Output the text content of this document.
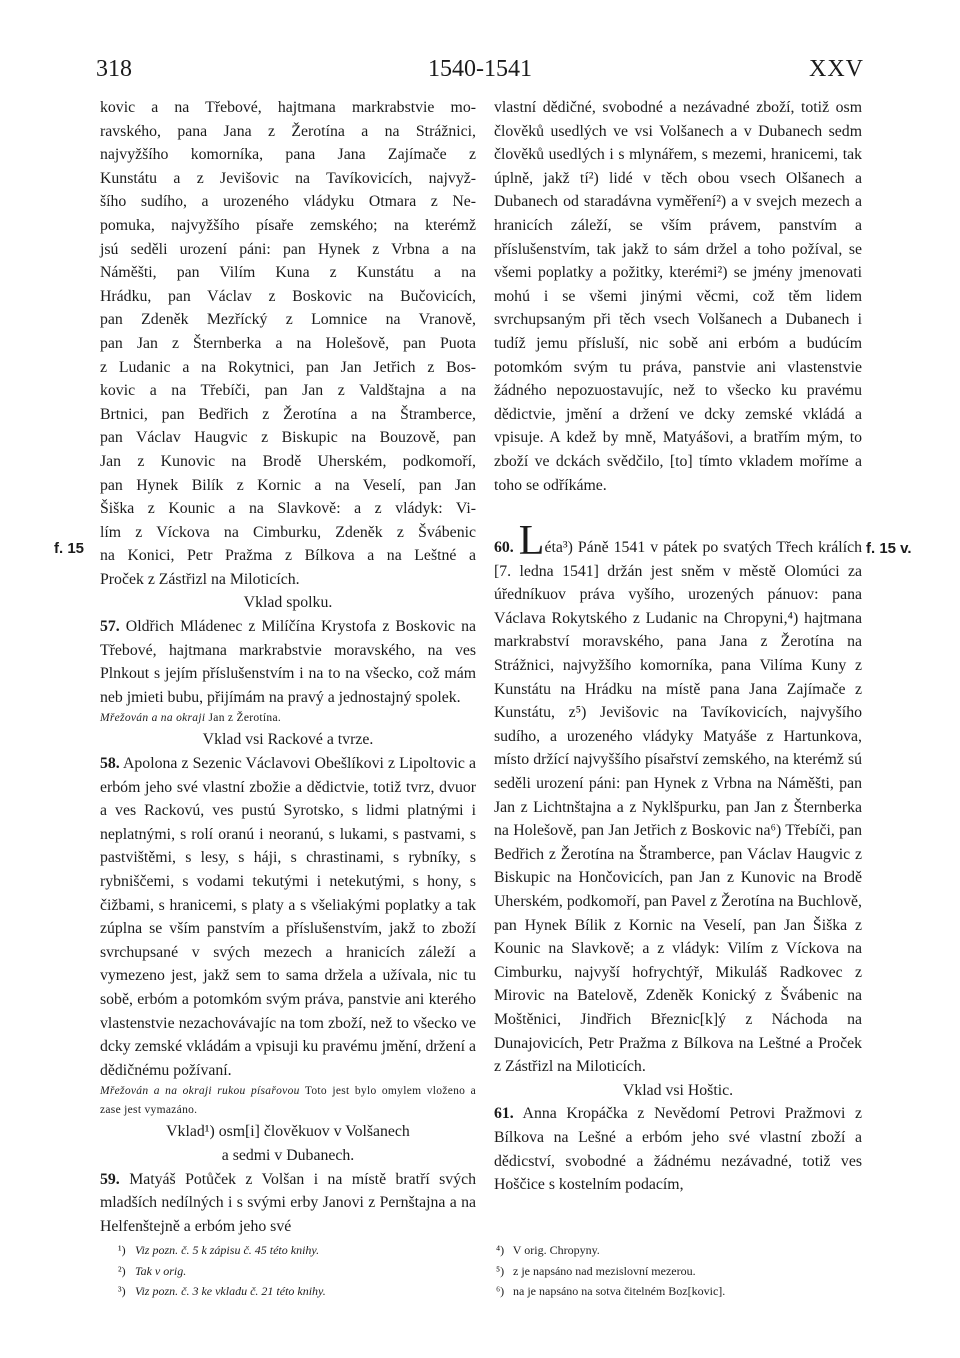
318	1540-1541	XXV
f. 15	f. 15 v.
kovic a na Třebové, hajtmana markrabstvie mo-
ravského, pana Jana z Žerotína a na Strážnici,
najvyžšího komorníka, pana Jana Zajímače z
Kunstátu a z Jevišovic na Tavíkovicích, najvyž-
šího sudího, a urozeného vládyku Otmara z Ne-
pomuka, najvyžšího písaře zemského; na kterémž
jsú seděli urození páni: pan Hynek z Vrbna a na
Náměšti, pan Vilím Kuna z Kunstátu a na
Hrádku, pan Václav z Boskovic na Bučovicích,
pan Zdeněk Mezřícký z Lomnice na Vranově,
pan Jan z Šternberka a na Holešově, pan Puota
z Ludanic a na Rokytnici, pan Jan Jetřich z Bos-
kovic a na Třebíči, pan Jan z Valdštajna a na
Brtnici, pan Bedřich z Žerotína a na Štramberce,
pan Václav Haugvic z Biskupic na Bouzově, pan
Jan z Kunovic na Brodě Uherském, podkomoří,
pan Hynek Bilík z Kornic a na Veselí, pan Jan
Šiška z Kounic a na Slavkově: a z vládyk: Vi-
lím z Víckova na Cimburku, Zdeněk z Švábenic
na Konici, Petr Pražma z Bílkova a na Leštné a
Proček z Zástřizl na Miloticích.

Vklad spolku.

57. Oldřich Mládenec z Milíčína Krystofa z Boskovic na Třebové, hajtmana markrabstvie moravského, na ves Plnkout s jejím příslušenstvím i na to na všecko, což mám neb jmieti bubu, přijímám na pravý a jednostajný spolek.

Mřežován a na okraji Jan z Žerotína.

Vklad vsi Rackové a tvrze.

58. Apolona z Sezenic Václavovi Obešlíkovi z Lipoltovic a erbóm jeho své vlastní zbožie a dědictvie, totiž tvrz, dvuor a ves Rackovú, ves pustú Syrotsko, s lidmi platnými i neplatnými, s rolí oranú i neoranú, s lukami, s pastvami, s pastvištěmi, s lesy, s háji, s chrastinami, s rybníky, s rybniščemi, s vodami tekutými i netekutými, s hony, s čižbami, s hranicemi, s platy a s všeliakými poplatky a tak zúplna se vším panstvím a příslušenstvím, jakž to zboží svrchupsané v svých mezech a hranicích záleží a vymezeno jest, jakž sem to sama držela a užívala, nic tu sobě, erbóm a potomkóm svým práva, panstvie ani kterého vlastenstvie nezachovávajíc na tom zboží, než to všecko ve dcky zemské vkládám a vpisuji ku pravému jmění, držení a dědičnému požívaní.

Mřežován a na okraji rukou písařovou Toto jest bylo omylem vloženo a zase jest vymazáno.

Vklad¹) osm[i] člověkuov v Volšanech

a sedmi v Dubanech.

59. Matyáš Potůček z Volšan i na místě bratří svých mladších nedílných i s svými erby Janovi z Pernštajna a na Helfenštejně a erbóm jeho své

vlastní dědičné, svobodné a nezávadné zboží, totiž osm člověků usedlých ve vsi Volšanech a v Dubanech sedm člověků usedlých i s mlynářem, s mezemi, hranicemi, tak úplně, jakž tí²) lidé v těch obou vsech Olšanech a Dubanech od staradávna vyměření²) a v svejch mezech a hranicích záleží, se vším právem, panstvím a příslušenstvím, tak jakž to sám držel a toho požíval, se všemi poplatky a požitky, kterémi²) se jmény jmenovati mohú i se všemi jinými věcmi, což těm lidem svrchupsaným při těch vsech Volšanech a Dubanech i tudíž jemu přísluší, nic sobě ani erbóm a budúcím potomkóm svým tu práva, panstvie ani vlastenstvie žádného nepozuostavujíc, než to všecko ku pravému dědictvie, jmění a držení ve dcky zemské vkládá a vpisuje. A kdež by mně, Matyášovi, a bratřím mým, to zboží ve dckách svědčilo, [to] tímto vkladem moříme a toho se odříkáme.

60. Léta³) Páně 1541 v pátek po svatých Třech králích [7. ledna 1541] držán jest sněm v městě Olomúci za úředníkuov práva vyšího, urozených pánuov: pana Václava Rokytského z Ludanic na Chropyni,⁴) hajtmana markrabství moravského, pana Jana z Žerotína na Strážnici, najvyžšího komorníka, pana Vilíma Kuny z Kunstátu na Hrádku na místě pana Jana Zajímače z Kunstátu, z⁵) Jevišovic na Tavíkovicích, najvyšího sudího, a urozeného vládyky Matyáše z Hartunkova, místo držící najvyššího písařství zemského, na kterémž sú seděli urození páni: pan Hynek z Vrbna na Náměšti, pan Jan z Lichtnštajna a z Nyklšpurku, pan Jan z Šternberka na Holešově, pan Jan Jetřich z Boskovic na⁶) Třebíči, pan Bedřich z Žerotína na Štramberce, pan Václav Haugvic z Biskupic na Hončovicích, pan Jan z Kunovic na Brodě Uherském, podkomoří, pan Pavel z Žerotína na Buchlově, pan Hynek Bílik z Kornic na Veselí, pan Jan Šiška z Kounic na Slavkově; a z vládyk: Vilím z Víckova na Cimburku, najvyší hofrychtýř, Mikuláš Radkovec z Mirovic na Batelově, Zdeněk Konický z Švábenic na Moštěnici, Jindřich Březnic[k]ý z Náchoda na Dunajovicích, Petr Pražma z Bílkova na Leštné a Proček z Zástřizl na Miloticích.

Vklad vsi Hoštic.

61. Anna Kropáčka z Nevědomí Petrovi Pražmovi z Bílkova na Lešné a erbóm jeho své vlastní zboží a dědicství, svobodné a žádnému nezávadné, totiž ves Hoščice s kostelním podacím,

¹) Viz pozn. č. 5 k zápisu č. 45 této knihy.

²) Tak v orig.

³) Viz pozn. č. 3 ke vkladu č. 21 této knihy.

⁴) V orig. Chropyny.

⁵) z je napsáno nad mezislovní mezerou.

⁶) na je napsáno na sotva čitelném Boz[kovic].
